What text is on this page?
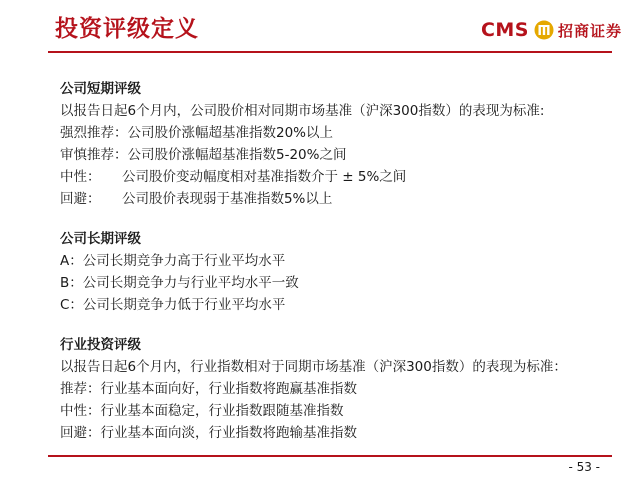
投资评级定义	CMS 招商证券
公司短期评级
以报告日起6个月内，公司股价相对同期市场基准（沪深300指数）的表现为标准:
强烈推荐：公司股价涨幅超基准指数20%以上
审慎推荐：公司股价涨幅超基准指数5-20%之间
中性：     公司股价变动幅度相对基准指数介于 ± 5%之间
回避：     公司股价表现弱于基准指数5%以上
公司长期评级
A：公司长期竞争力高于行业平均水平
B：公司长期竞争力与行业平均水平一致
C：公司长期竞争力低于行业平均水平
行业投资评级
以报告日起6个月内，行业指数相对于同期市场基准（沪深300指数）的表现为标准：
推荐：行业基本面向好，行业指数将跑赢基准指数
中性：行业基本面稳定，行业指数跟随基准指数
回避：行业基本面向淡，行业指数将跑输基准指数
- 53 -
